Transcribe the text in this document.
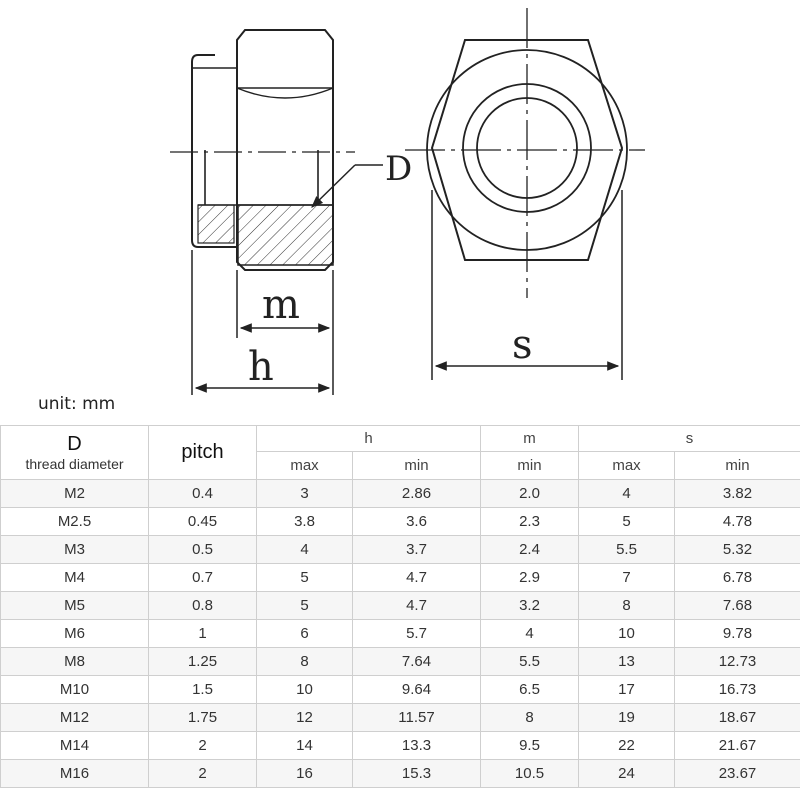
D
m
h	s
unit: mm
D
thread diameter	pitch	h		m	s	
		max	min	min	max	min
M2	0.4	3	2.86	2.0	4	3.82
M2.5	0.45	3.8	3.6	2.3	5	4.78
M3	0.5	4	3.7	2.4	5.5	5.32
M4	0.7	5	4.7	2.9	7	6.78
M5	0.8	5	4.7	3.2	8	7.68
M6	1	6	5.7	4	10	9.78
M8	1.25	8	7.64	5.5	13	12.73
M10	1.5	10	9.64	6.5	17	16.73
M12	1.75	12	11.57	8	19	18.67
M14	2	14	13.3	9.5	22	21.67
M16	2	16	15.3	10.5	24	23.67
